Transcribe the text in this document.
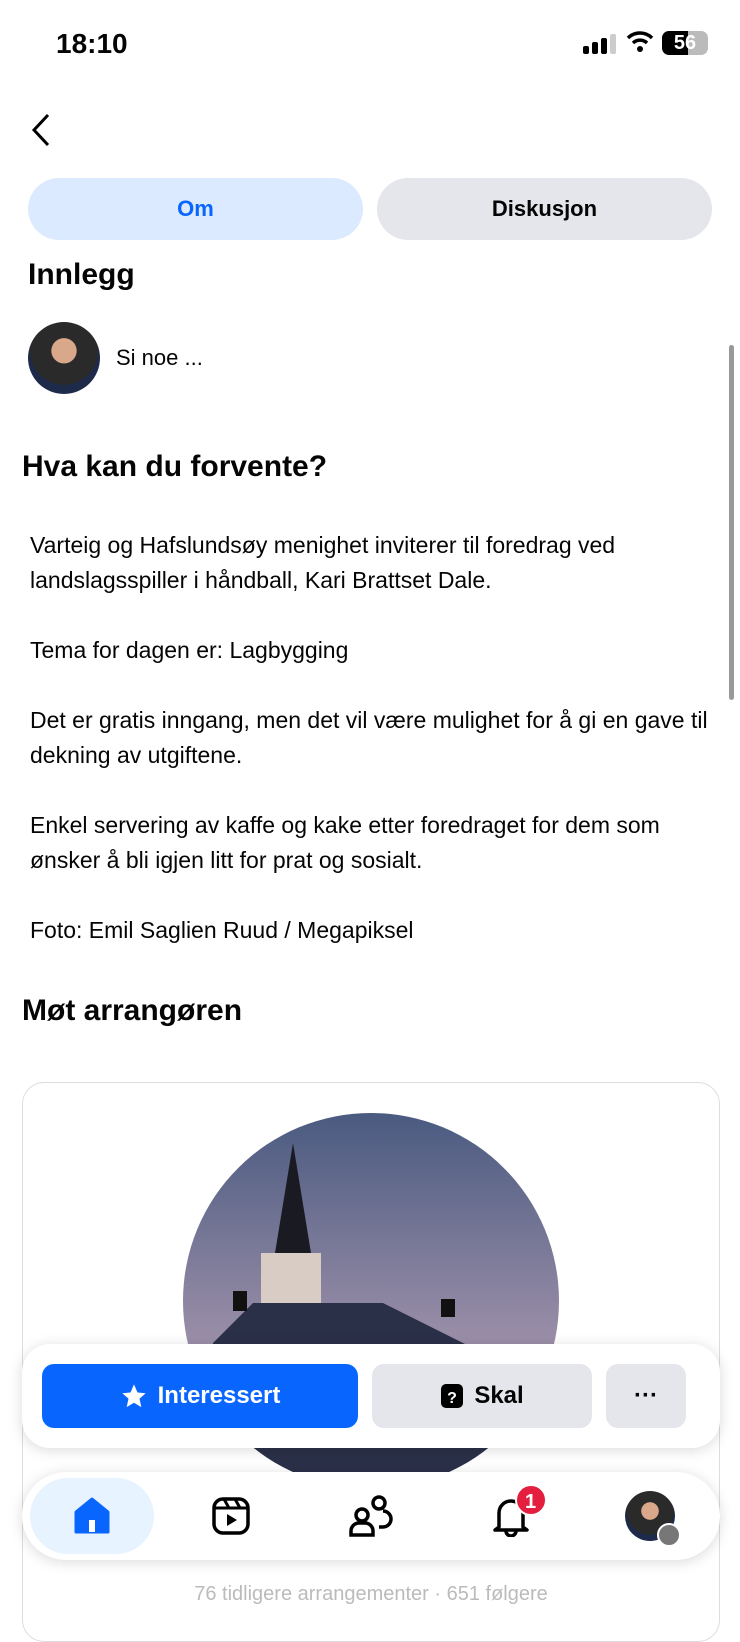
18:10	56
Om	Diskusjon
Innlegg
Si noe ...
Hva kan du forvente?

Varteig og Hafslundsøy menighet inviterer til foredrag ved landslagsspiller i håndball, Kari Brattset Dale.

Tema for dagen er: Lagbygging

Det er gratis inngang, men det vil være mulighet for å gi en gave til dekning av utgiftene.

Enkel servering av kaffe og kake etter foredraget for dem som ønsker å bli igjen litt for prat og sosialt.

Foto: Emil Saglien Ruud / Megapiksel

Møt arrangøren
76 tidligere arrangementer · 651 følgere
Interessert	? Skal	···
1
